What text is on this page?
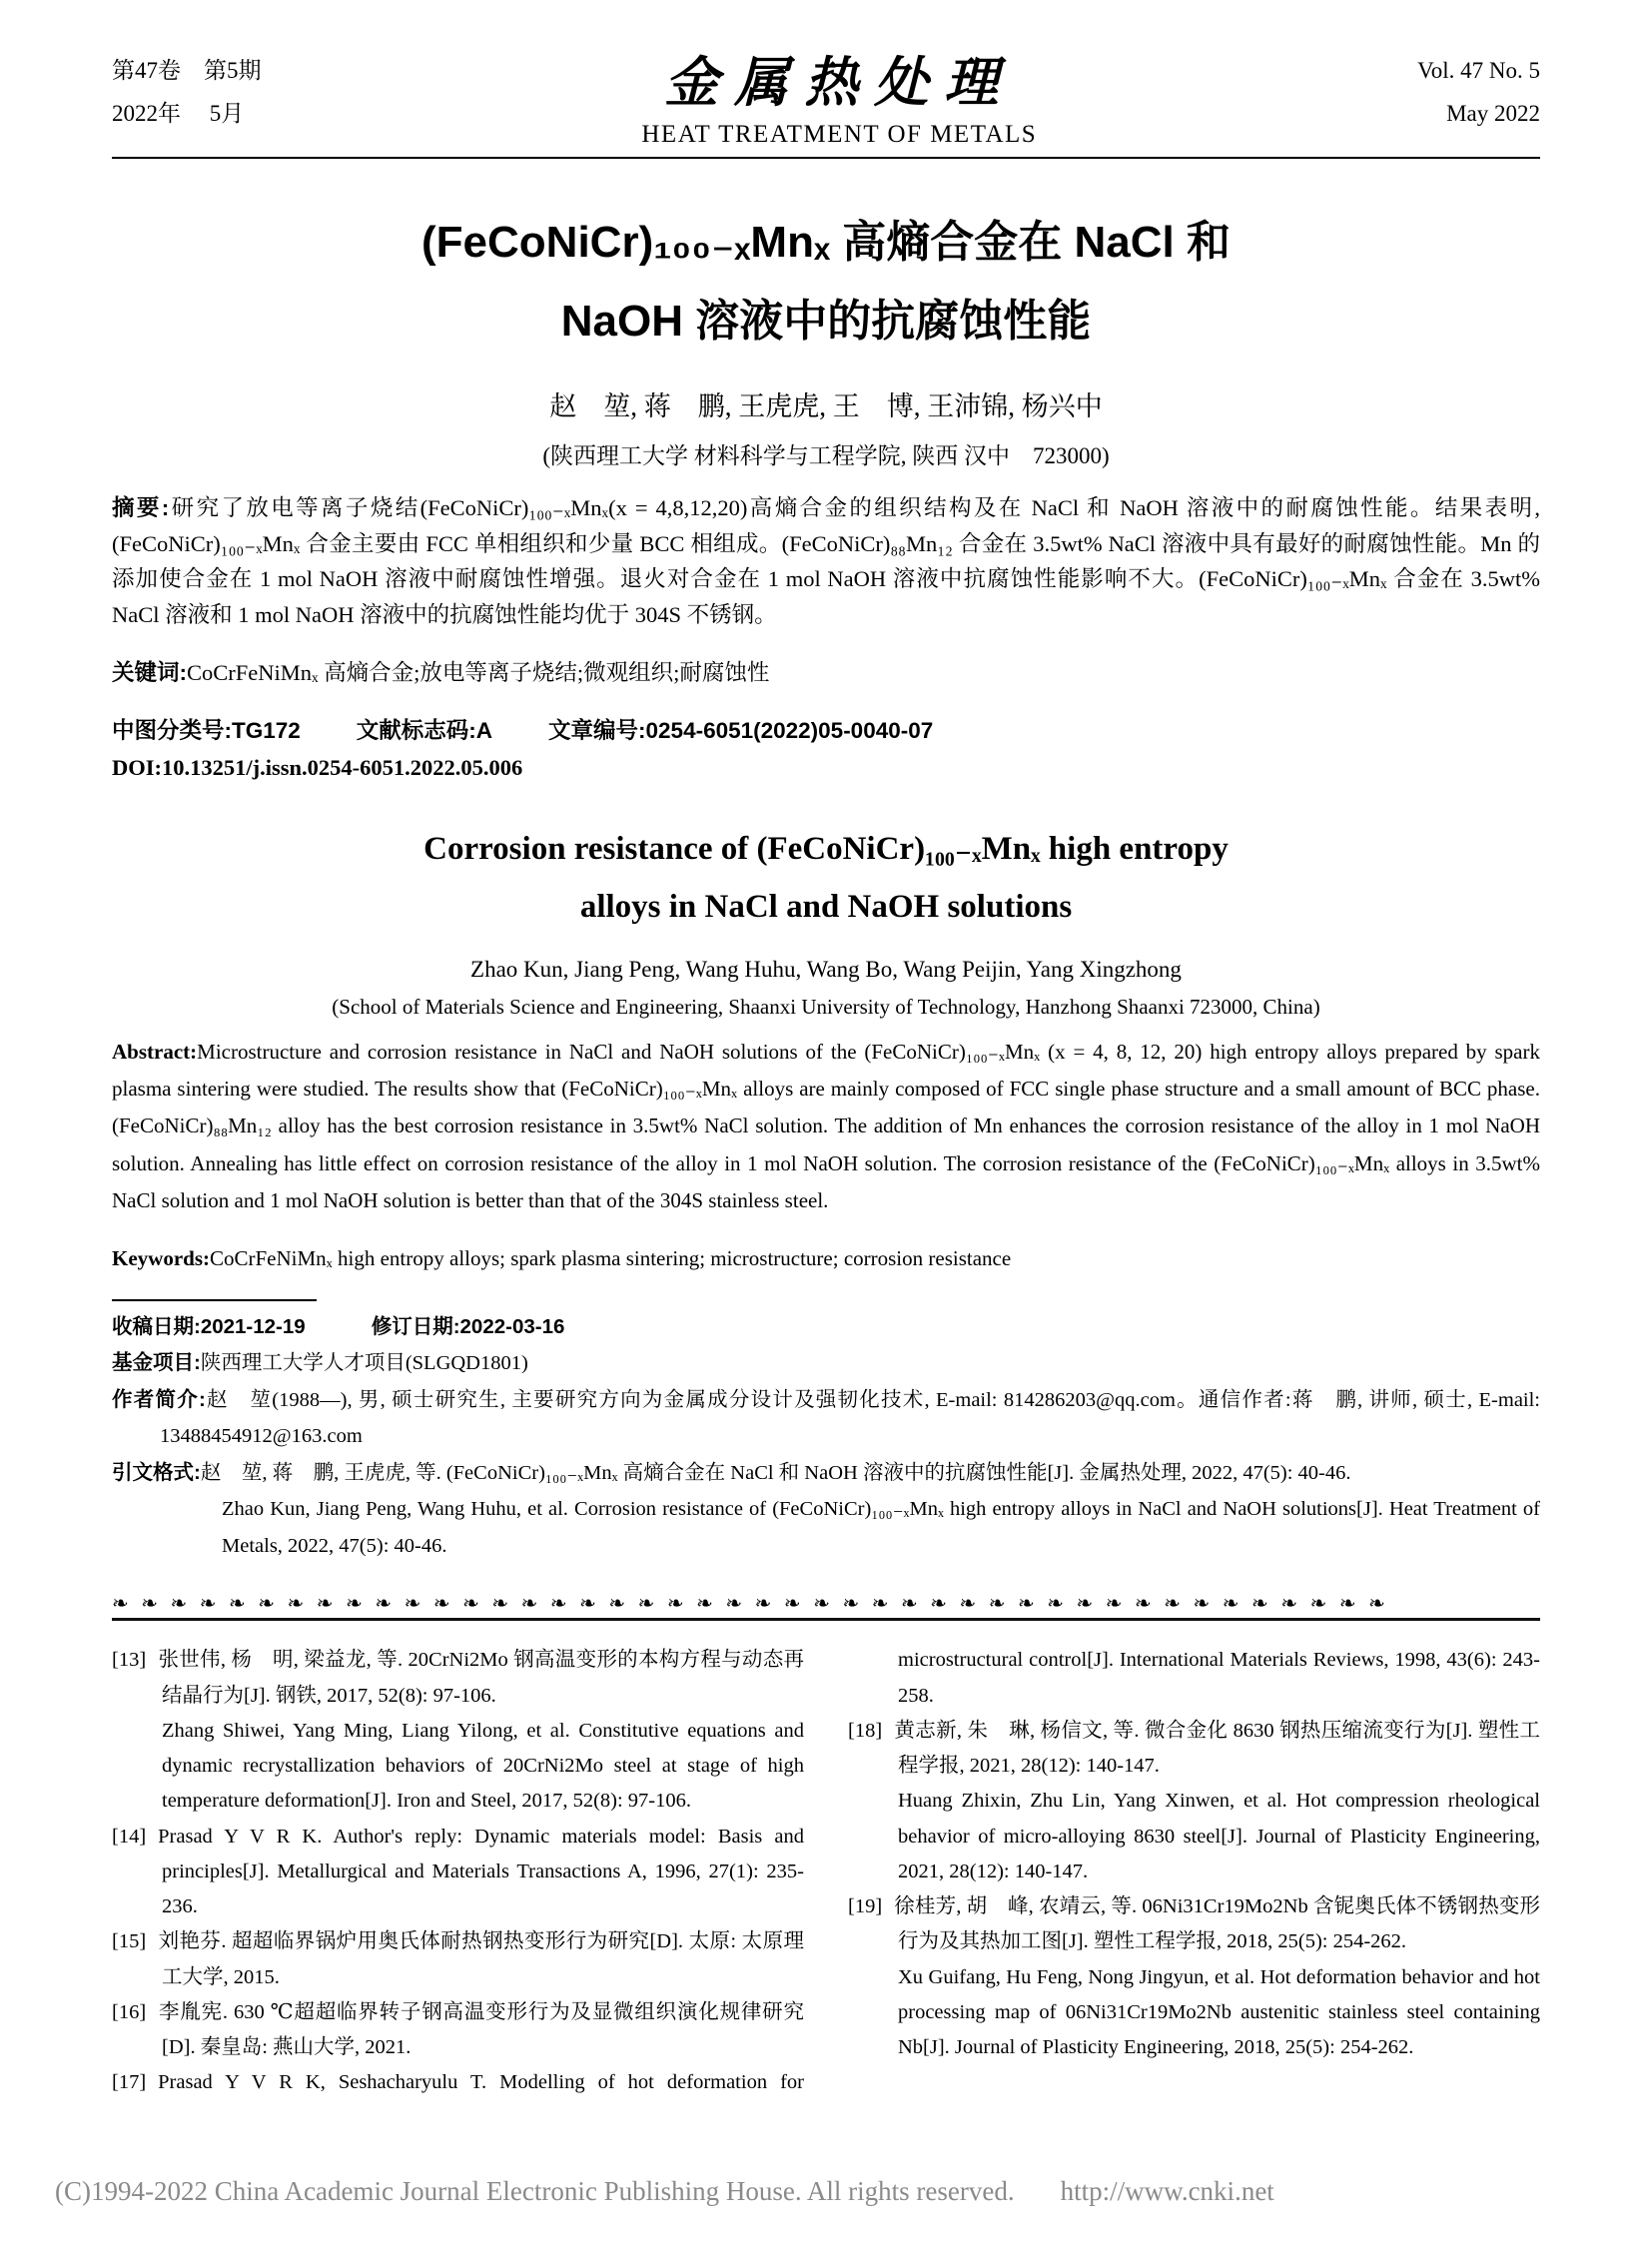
第47卷　第5期
2022年　 5月	金属热处理
HEAT TREATMENT OF METALS
Vol. 47 No. 5
May 2022
(FeCoNiCr)₁₀₀₋ₓMnₓ 高熵合金在 NaCl 和
NaOH 溶液中的抗腐蚀性能
赵　堃, 蒋　鹏, 王虎虎, 王　博, 王沛锦, 杨兴中
(陕西理工大学 材料科学与工程学院, 陕西 汉中　723000)

摘要:研究了放电等离子烧结(FeCoNiCr)₁₀₀₋ₓMnₓ(x = 4,8,12,20)高熵合金的组织结构及在 NaCl 和 NaOH 溶液中的耐腐蚀性能。结果表明,(FeCoNiCr)₁₀₀₋ₓMnₓ 合金主要由 FCC 单相组织和少量 BCC 相组成。(FeCoNiCr)₈₈Mn₁₂ 合金在 3.5wt% NaCl 溶液中具有最好的耐腐蚀性能。Mn 的添加使合金在 1 mol NaOH 溶液中耐腐蚀性增强。退火对合金在 1 mol NaOH 溶液中抗腐蚀性能影响不大。(FeCoNiCr)₁₀₀₋ₓMnₓ 合金在 3.5wt% NaCl 溶液和 1 mol NaOH 溶液中的抗腐蚀性能均优于 304S 不锈钢。

关键词:CoCrFeNiMnₓ 高熵合金;放电等离子烧结;微观组织;耐腐蚀性

中图分类号:TG172 文献标志码:A 文章编号:0254-6051(2022)05-0040-07
DOI:10.13251/j.issn.0254-6051.2022.05.006
Corrosion resistance of (FeCoNiCr)₁₀₀₋ₓMnₓ high entropy
alloys in NaCl and NaOH solutions
Zhao Kun, Jiang Peng, Wang Huhu, Wang Bo, Wang Peijin, Yang Xingzhong
(School of Materials Science and Engineering, Shaanxi University of Technology, Hanzhong Shaanxi 723000, China)

Abstract:Microstructure and corrosion resistance in NaCl and NaOH solutions of the (FeCoNiCr)₁₀₀₋ₓMnₓ (x = 4, 8, 12, 20) high entropy alloys prepared by spark plasma sintering were studied. The results show that (FeCoNiCr)₁₀₀₋ₓMnₓ alloys are mainly composed of FCC single phase structure and a small amount of BCC phase. (FeCoNiCr)₈₈Mn₁₂ alloy has the best corrosion resistance in 3.5wt% NaCl solution. The addition of Mn enhances the corrosion resistance of the alloy in 1 mol NaOH solution. Annealing has little effect on corrosion resistance of the alloy in 1 mol NaOH solution. The corrosion resistance of the (FeCoNiCr)₁₀₀₋ₓMnₓ alloys in 3.5wt% NaCl solution and 1 mol NaOH solution is better than that of the 304S stainless steel.

Keywords:CoCrFeNiMnₓ high entropy alloys; spark plasma sintering; microstructure; corrosion resistance

收稿日期:2021-12-19	修订日期:2022-03-16

基金项目:陕西理工大学人才项目(SLGQD1801)

作者简介:赵　堃(1988—), 男, 硕士研究生, 主要研究方向为金属成分设计及强韧化技术, E-mail: 814286203@qq.com。通信作者:蒋　鹏, 讲师, 硕士, E-mail: 13488454912@163.com

引文格式:赵　堃, 蒋　鹏, 王虎虎, 等. (FeCoNiCr)₁₀₀₋ₓMnₓ 高熵合金在 NaCl 和 NaOH 溶液中的抗腐蚀性能[J]. 金属热处理, 2022, 47(5): 40-46.

Zhao Kun, Jiang Peng, Wang Huhu, et al. Corrosion resistance of (FeCoNiCr)₁₀₀₋ₓMnₓ high entropy alloys in NaCl and NaOH solutions[J]. Heat Treatment of Metals, 2022, 47(5): 40-46.

❧❧❧❧❧❧❧❧❧❧❧❧❧❧❧❧❧❧❧❧❧❧❧❧❧❧❧❧❧❧❧❧❧❧❧❧❧❧❧❧❧❧❧❧

[13] 张世伟, 杨　明, 梁益龙, 等. 20CrNi2Mo 钢高温变形的本构方程与动态再结晶行为[J]. 钢铁, 2017, 52(8): 97-106.

Zhang Shiwei, Yang Ming, Liang Yilong, et al. Constitutive equations and dynamic recrystallization behaviors of 20CrNi2Mo steel at stage of high temperature deformation[J]. Iron and Steel, 2017, 52(8): 97-106.

[14] Prasad Y V R K. Author's reply: Dynamic materials model: Basis and principles[J]. Metallurgical and Materials Transactions A, 1996, 27(1): 235-236.

[15] 刘艳芬. 超超临界锅炉用奥氏体耐热钢热变形行为研究[D]. 太原: 太原理工大学, 2015.

[16] 李胤宪. 630 ℃超超临界转子钢高温变形行为及显微组织演化规律研究[D]. 秦皇岛: 燕山大学, 2021.

[17] Prasad Y V R K, Seshacharyulu T. Modelling of hot deformation for

microstructural control[J]. International Materials Reviews, 1998, 43(6): 243-258.

[18] 黄志新, 朱　琳, 杨信文, 等. 微合金化 8630 钢热压缩流变行为[J]. 塑性工程学报, 2021, 28(12): 140-147.

Huang Zhixin, Zhu Lin, Yang Xinwen, et al. Hot compression rheological behavior of micro-alloying 8630 steel[J]. Journal of Plasticity Engineering, 2021, 28(12): 140-147.

[19] 徐桂芳, 胡　峰, 农靖云, 等. 06Ni31Cr19Mo2Nb 含铌奥氏体不锈钢热变形行为及其热加工图[J]. 塑性工程学报, 2018, 25(5): 254-262.

Xu Guifang, Hu Feng, Nong Jingyun, et al. Hot deformation behavior and hot processing map of 06Ni31Cr19Mo2Nb austenitic stainless steel containing Nb[J]. Journal of Plasticity Engineering, 2018, 25(5): 254-262.

(C)1994-2022 China Academic Journal Electronic Publishing House. All rights reserved. http://www.cnki.net
